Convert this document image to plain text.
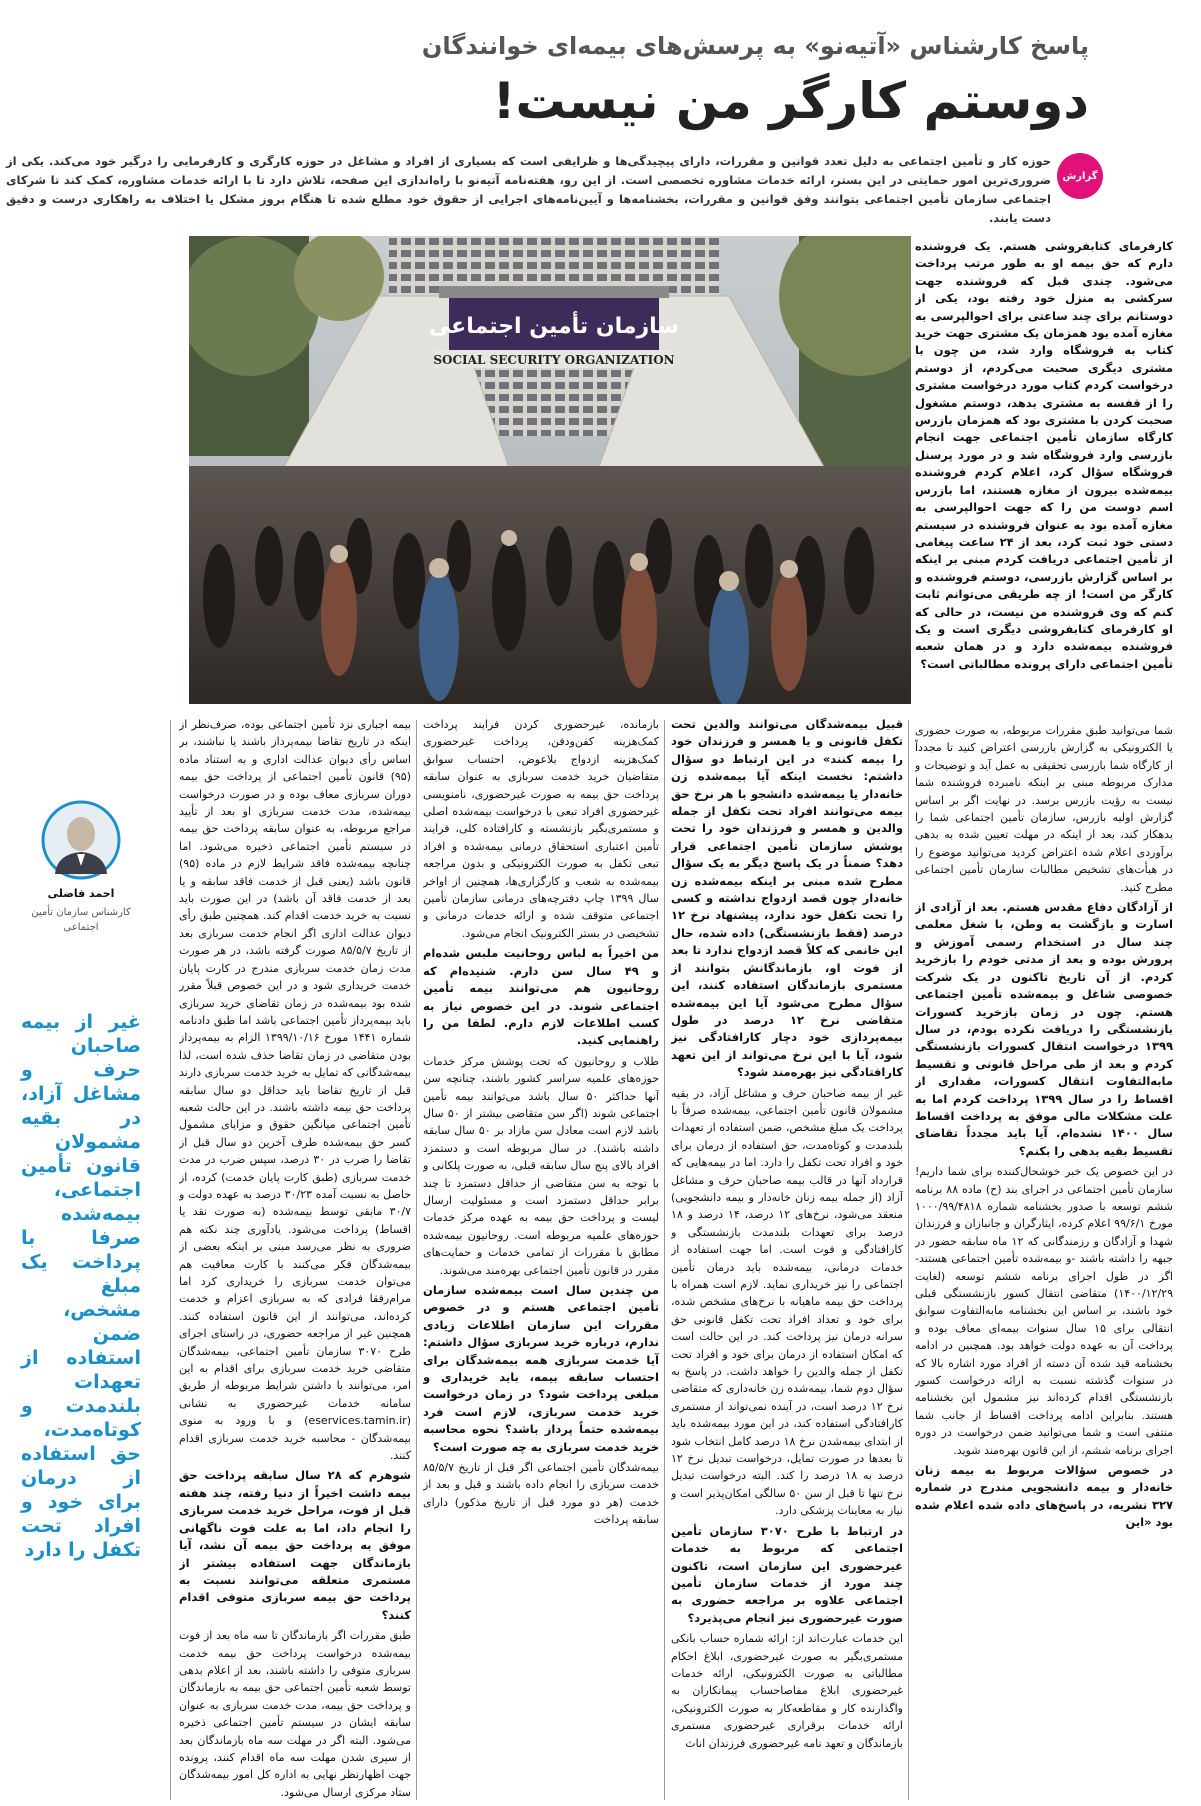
پاسخ کارشناس «آتیه‌نو» به پرسش‌های بیمه‌ای خوانندگان
دوستم کارگر من نیست!
گزارش
حوزه کار و تأمین اجتماعی به دلیل تعدد قوانین و مقررات، دارای پیچیدگی‌ها و ظرایفی است که بسیاری از افراد و مشاغل در حوزه کارگری و کارفرمایی را درگیر خود می‌کند. یکی از ضروری‌ترین امور حمایتی در این بستر، ارائه خدمات مشاوره تخصصی است. از این رو، هفته‌نامه آتیه‌نو با راه‌اندازی این صفحه، تلاش دارد تا با ارائه خدمات مشاوره، کمک کند تا شرکای اجتماعی سازمان تأمین اجتماعی بتوانند وفق قوانین و مقررات، بخشنامه‌ها و آیین‌نامه‌های اجرایی از حقوق خود مطلع شده تا هنگام بروز مشکل یا اختلاف به راهکاری درست و دقیق دست یابند.
سازمان تأمین اجتماعی
SOCIAL SECURITY ORGANIZATION

کارفرمای کتابفروشی هستم. یک فروشنده دارم که حق بیمه او به طور مرتب پرداخت می‌شود. چندی قبل که فروشنده جهت سرکشی به منزل خود رفته بود، یکی از دوستانم برای چند ساعتی برای احوالپرسی به مغازه آمده بود همزمان یک مشتری جهت خرید کتاب به فروشگاه وارد شد، من چون با مشتری دیگری صحبت می‌کردم، از دوستم درخواست کردم کتاب مورد درخواست مشتری را از قفسه به مشتری بدهد، دوستم مشغول صحبت کردن با مشتری بود که همزمان بازرس کارگاه سازمان تأمین اجتماعی جهت انجام بازرسی وارد فروشگاه شد و در مورد پرسنل فروشگاه سؤال کرد، اعلام کردم فروشنده بیمه‌شده بیرون از مغازه هستند، اما بازرس اسم دوست من را که جهت احوالپرسی به مغازه آمده بود به عنوان فروشنده در سیستم دستی خود ثبت کرد، بعد از ۲۴ ساعت پیغامی از تأمین اجتماعی دریافت کردم مبنی بر اینکه بر اساس گزارش بازرسی، دوستم فروشنده و کارگر من است! از چه طریقی می‌توانم ثابت کنم که وی فروشنده من نیست، در حالی که او کارفرمای کتابفروشی دیگری است و یک فروشنده بیمه‌شده دارد و در همان شعبه تأمین اجتماعی دارای پرونده مطالباتی است؟

شما می‌توانید طبق مقررات مربوطه، به صورت حضوری یا الکترونیکی به گزارش بازرسی اعتراض کنید تا مجدداً از کارگاه شما بازرسی تحقیقی به عمل آید و توضیحات و مدارک مربوطه مبنی بر اینکه نامبرده فروشنده شما نیست به رؤیت بازرس برسد. در نهایت اگر بر اساس گزارش اولیه بازرس، سازمان تأمین اجتماعی شما را بدهکار کند، بعد از اینکه در مهلت تعیین شده به بدهی برآوردی اعلام شده اعتراض کردید می‌توانید موضوع را در هیأت‌های تشخیص مطالبات سازمان تأمین اجتماعی مطرح کنید.

از آزادگان دفاع مقدس هستم. بعد از آزادی از اسارت و بازگشت به وطن، با شغل معلمی چند سال در استخدام رسمی آموزش و پرورش بوده و بعد از مدتی خودم را بازخرید کردم. از آن تاریخ تاکنون در یک شرکت خصوصی شاغل و بیمه‌شده تأمین اجتماعی هستم. چون در زمان بازخرید کسورات بازنشستگی را دریافت نکرده بودم، در سال ۱۳۹۹ درخواست انتقال کسورات بازنشستگی کردم و بعد از طی مراحل قانونی و تقسیط مابه‌التفاوت انتقال کسورات، مقداری از اقساط را در سال ۱۳۹۹ پرداخت کردم اما به علت مشکلات مالی موفق به پرداخت اقساط سال ۱۴۰۰ نشده‌ام. آیا باید مجدداً تقاضای تقسیط بقیه بدهی را بکنم؟

در این خصوص یک خبر خوشحال‌کننده برای شما داریم! سازمان تأمین اجتماعی در اجرای بند (ح) ماده ۸۸ برنامه ششم توسعه با صدور بخشنامه شماره ۱۰۰۰/۹۹/۴۸۱۸ مورخ ۹۹/۶/۱ اعلام کرده، ایثارگران و جانبازان و فرزندان شهدا و آزادگان و رزمندگانی که ۱۲ ماه سابقه حضور در جبهه را داشته باشند -و بیمه‌شده تأمین اجتماعی هستند- اگر در طول اجرای برنامه ششم توسعه (لغایت ۱۴۰۰/۱۲/۲۹) متقاضی انتقال کسور بازنشستگی قبلی خود باشند، بر اساس این بخشنامه مابه‌التفاوت سوابق انتقالی برای ۱۵ سال سنوات بیمه‌ای معاف بوده و پرداخت آن به عهده دولت خواهد بود. همچنین در ادامه بخشنامه قید شده آن دسته از افراد مورد اشاره بالا که در سنوات گذشته نسبت به ارائه درخواست کسور بازنشستگی اقدام کرده‌اند نیز مشمول این بخشنامه هستند. بنابراین ادامه پرداخت اقساط از جانب شما منتفی است و شما می‌توانید ضمن درخواست در دوره اجرای برنامه ششم، از این قانون بهره‌مند شوید.

در خصوص سؤالات مربوط به بیمه زنان خانه‌دار و بیمه دانشجویی مندرج در شماره ۳۲۷ نشریه، در پاسخ‌های داده شده اعلام شده بود «این

قبیل بیمه‌شدگان می‌توانند والدین تحت تکفل قانونی و یا همسر و فرزندان خود را بیمه کنند» در این ارتباط دو سؤال داشتم: نخست اینکه آیا بیمه‌شده زن خانه‌دار یا بیمه‌شده دانشجو با هر نرخ حق بیمه می‌توانند افراد تحت تکفل از جمله والدین و همسر و فرزندان خود را تحت پوشش سازمان تأمین اجتماعی قرار دهد؟ ضمناً در یک پاسخ دیگر به یک سؤال مطرح شده مبنی بر اینکه بیمه‌شده زن خانه‌دار چون قصد ازدواج نداشته و کسی را تحت تکفل خود ندارد، پیشنهاد نرخ ۱۲ درصد (فقط بازنشستگی) داده شده، حال این خانمی که کلاً قصد ازدواج ندارد تا بعد از فوت او، بازماندگانش بتوانند از مستمری بازماندگان استفاده کنند، این سؤال مطرح می‌شود آیا این بیمه‌شده متقاضی نرخ ۱۲ درصد در طول بیمه‌پردازی خود دچار کارافتادگی نیز شود، آیا با این نرخ می‌تواند از این تعهد کارافتادگی نیز بهره‌مند شود؟

غیر از بیمه صاحبان حرف و مشاغل آزاد، در بقیه مشمولان قانون تأمین اجتماعی، بیمه‌شده صرفاً با پرداخت یک مبلغ مشخص، ضمن استفاده از تعهدات بلندمدت و کوتاه‌مدت، حق استفاده از درمان برای خود و افراد تحت تکفل را دارد. اما در بیمه‌هایی که قرارداد آنها در قالب بیمه صاحبان حرف و مشاغل آزاد (از جمله بیمه زنان خانه‌دار و بیمه دانشجویی) منعقد می‌شود، نرخ‌های ۱۲ درصد، ۱۴ درصد و ۱۸ درصد برای تعهدات بلندمدت بازنشستگی و کارافتادگی و فوت است. اما جهت استفاده از خدمات درمانی، بیمه‌شده باید درمان تأمین اجتماعی را نیز خریداری نماید. لازم است همراه با پرداخت حق بیمه ماهیانه با نرخ‌های مشخص شده، برای خود و تعداد افراد تحت تکفل قانونی حق سرانه درمان نیز پرداخت کند. در این حالت است که امکان استفاده از درمان برای خود و افراد تحت تکفل از جمله والدین را خواهد داشت. در پاسخ به سؤال دوم شما، بیمه‌شده زن خانه‌داری که متقاضی نرخ ۱۲ درصد است، در آینده نمی‌تواند از مستمری کارافتادگی استفاده کند، در این مورد بیمه‌شده باید از ابتدای بیمه‌شدن نرخ ۱۸ درصد کامل انتخاب شود تا بعدها در صورت تمایل، درخواست تبدیل نرخ ۱۲ درصد به ۱۸ درصد را کند. البته درخواست تبدیل نرخ تنها تا قبل از سن ۵۰ سالگی امکان‌پذیر است و نیاز به معاینات پزشکی دارد.

در ارتباط با طرح ۳۰۷۰ سازمان تأمین اجتماعی که مربوط به خدمات غیرحضوری این سازمان است، تاکنون چند مورد از خدمات سازمان تأمین اجتماعی علاوه بر مراجعه حضوری به صورت غیرحضوری نیز انجام می‌پذیرد؟

این خدمات عبارت‌اند از: ارائه شماره حساب بانکی مستمری‌بگیر به صورت غیرحضوری، ابلاغ احکام مطالباتی به صورت الکترونیکی، ارائه خدمات غیرحضوری ابلاغ مفاصاحساب پیمانکاران به واگذارنده کار و مقاطعه‌کار به صورت الکترونیکی، ارائه خدمات برقراری غیرحضوری مستمری بازماندگان و تعهد نامه غیرحضوری فرزندان اناث

بازمانده، غیرحضوری کردن فرایند پرداخت کمک‌هزینه کفن‌ودفن، پرداخت غیرحضوری کمک‌هزینه ازدواج بلاعوض، احتساب سوابق متقاضیان خرید خدمت سربازی به عنوان سابقه پرداخت حق بیمه به صورت غیرحضوری، نامنویسی غیرحضوری افراد تبعی با درخواست بیمه‌شده اصلی و مستمری‌بگیر بازنشسته و کارافتاده کلی، فرایند تأمین اعتباری استحقاق درمانی بیمه‌شده و افراد تبعی تکفل به صورت الکترونیکی و بدون مراجعه بیمه‌شده به شعب و کارگزاری‌ها، همچنین از اواخر سال ۱۳۹۹ چاپ دفترچه‌های درمانی سازمان تأمین اجتماعی متوقف شده و ارائه خدمات درمانی و تشخیصی در بستر الکترونیک انجام می‌شود.

من اخیراً به لباس روحانیت ملبس شده‌ام و ۴۹ سال سن دارم. شنیده‌ام که روحانیون هم می‌توانند بیمه تأمین اجتماعی شوند. در این خصوص نیاز به کسب اطلاعات لازم دارم. لطفا من را راهنمایی کنید.

طلاب و روحانیون که تحت پوشش مرکز خدمات حوزه‌های علمیه سراسر کشور باشند، چنانچه سن آنها حداکثر ۵۰ سال باشد می‌توانند بیمه تأمین اجتماعی شوند (اگر سن متقاضی بیشتر از ۵۰ سال باشد لازم است معادل سن مازاد بر ۵۰ سال سابقه داشته باشند). در سال مربوطه است و دستمزد افراد بالای پنج سال سابقه قبلی، به صورت پلکانی و با توجه به سن متقاضی از حداقل دستمزد تا چند برابر حداقل دستمزد است و مسئولیت ارسال لیست و پرداخت حق بیمه به عهده مرکز خدمات حوزه‌های علمیه مربوطه است. روحانیون بیمه‌شده مطابق با مقررات از تمامی خدمات و حمایت‌های مقرر در قانون تأمین اجتماعی بهره‌مند می‌شوند.

من چندین سال است بیمه‌شده سازمان تأمین اجتماعی هستم و در خصوص مقررات این سازمان اطلاعات زیادی ندارم، درباره خرید سربازی سؤال داشتم: آیا خدمت سربازی همه بیمه‌شدگان برای احتساب سابقه بیمه، باید خریداری و مبلغی پرداخت شود؟ در زمان درخواست خرید خدمت سربازی، لازم است فرد بیمه‌شده حتماً پرداز باشد؟ نحوه محاسبه خرید خدمت سربازی به چه صورت است؟

بیمه‌شدگان تأمین اجتماعی اگر قبل از تاریخ ۸۵/۵/۷ خدمت سربازی را انجام داده باشند و قبل و بعد از خدمت (هر دو مورد قبل از تاریخ مذکور) دارای سابقه پرداخت

بیمه اجباری نزد تأمین اجتماعی بوده، صرف‌نظر از اینکه در تاریخ تقاضا بیمه‌پرداز باشند یا نباشند، بر اساس رأی دیوان عدالت اداری و به استناد ماده (۹۵) قانون تأمین اجتماعی از پرداخت حق بیمه دوران سربازی معاف بوده و در صورت درخواست بیمه‌شده، مدت خدمت سربازی او بعد از تأیید مراجع مربوطه، به عنوان سابقه پرداخت حق بیمه در سیستم تأمین اجتماعی ذخیره می‌شود. اما چنانچه بیمه‌شده فاقد شرایط لازم در ماده (۹۵) قانون باشد (یعنی قبل از خدمت فاقد سابقه و یا بعد از خدمت فاقد آن باشد) در این صورت باید نسبت به خرید خدمت اقدام کند. همچنین طبق رأی دیوان عدالت اداری اگر انجام خدمت سربازی بعد از تاریخ ۸۵/۵/۷ صورت گرفته باشد، در هر صورت مدت زمان خدمت سربازی مندرج در کارت پایان خدمت خریداری شود و در این خصوص قبلاً مقرر شده بود بیمه‌شده در زمان تقاضای خرید سربازی باید بیمه‌پرداز تأمین اجتماعی باشد اما طبق دادنامه شماره ۱۴۴۱ مورخ ۱۳۹۹/۱۰/۱۶ الزام به بیمه‌پرداز بودن متقاضی در زمان تقاضا حذف شده است، لذا بیمه‌شدگانی که تمایل به خرید خدمت سربازی دارند قبل از تاریخ تقاضا باید حداقل دو سال سابقه پرداخت حق بیمه داشته باشند. در این حالت شعبه تأمین اجتماعی میانگین حقوق و مزایای مشمول کسر حق بیمه‌شده طرف آخرین دو سال قبل از تقاضا را ضرب در ۳۰ درصد، سپس ضرب در مدت خدمت سربازی (طبق کارت پایان خدمت) کرده، از حاصل به نسبت آمده ۳۰/۲۳ درصد به عهده دولت و ۳۰/۷ مابقی توسط بیمه‌شده (به صورت نقد یا اقساط) پرداخت می‌شود. یادآوری چند نکته هم ضروری به نظر می‌رسد مبنی بر اینکه بعضی از بیمه‌شدگان فکر می‌کنند با کارت معافیت هم می‌توان خدمت سربازی را خریداری کرد اما مرام‌رفقا فرادی که به سربازی اعزام و خدمت کرده‌اند، می‌توانند از این قانون استفاده کنند. همچنین غیر از مراجعه حضوری، در راستای اجرای طرح ۳۰۷۰ سازمان تأمین اجتماعی، بیمه‌شدگان متقاضی خرید خدمت سربازی برای اقدام به این امر، می‌توانند با داشتن شرایط مربوطه از طریق سامانه خدمات غیرحضوری به نشانی (eservices.tamin.ir) و با ورود به منوی بیمه‌شدگان - محاسبه خرید خدمت سربازی اقدام کنند.

شوهرم که ۲۸ سال سابقه پرداخت حق بیمه داشت اخیراً از دنیا رفته، چند هفته قبل از فوت، مراحل خرید خدمت سربازی را انجام داد، اما به علت فوت ناگهانی موفق به پرداخت حق بیمه آن نشد، آیا بازماندگان جهت استفاده بیشتر از مستمری متعلقه می‌توانند نسبت به پرداخت حق بیمه سربازی متوفی اقدام کنند؟

طبق مقررات اگر بازماندگان تا سه ماه بعد از فوت بیمه‌شده درخواست پرداخت حق بیمه خدمت سربازی متوفی را داشته باشند، بعد از اعلام بدهی توسط شعبه تأمین اجتماعی حق بیمه به بازماندگان و پرداخت حق بیمه، مدت خدمت سربازی به عنوان سابقه ایشان در سیستم تأمین اجتماعی ذخیره می‌شود. البته اگر در مهلت سه ماه بازماندگان بعد از سپری شدن مهلت سه ماه اقدام کنند، پرونده جهت اظهارنظر نهایی به اداره کل امور بیمه‌شدگان ستاد مرکزی ارسال می‌شود.

احمد فاضلی
کارشناس سازمان تأمین اجتماعی
غیر از بیمه صاحبان حرف و مشاغل آزاد، در بقیه مشمولان قانون تأمین اجتماعی، بیمه‌شده صرفا با پرداخت یک مبلغ مشخص، ضمن استفاده از تعهدات بلندمدت و کوتاه‌مدت، حق استفاده از درمان برای خود و افراد تحت تکفل را دارد
